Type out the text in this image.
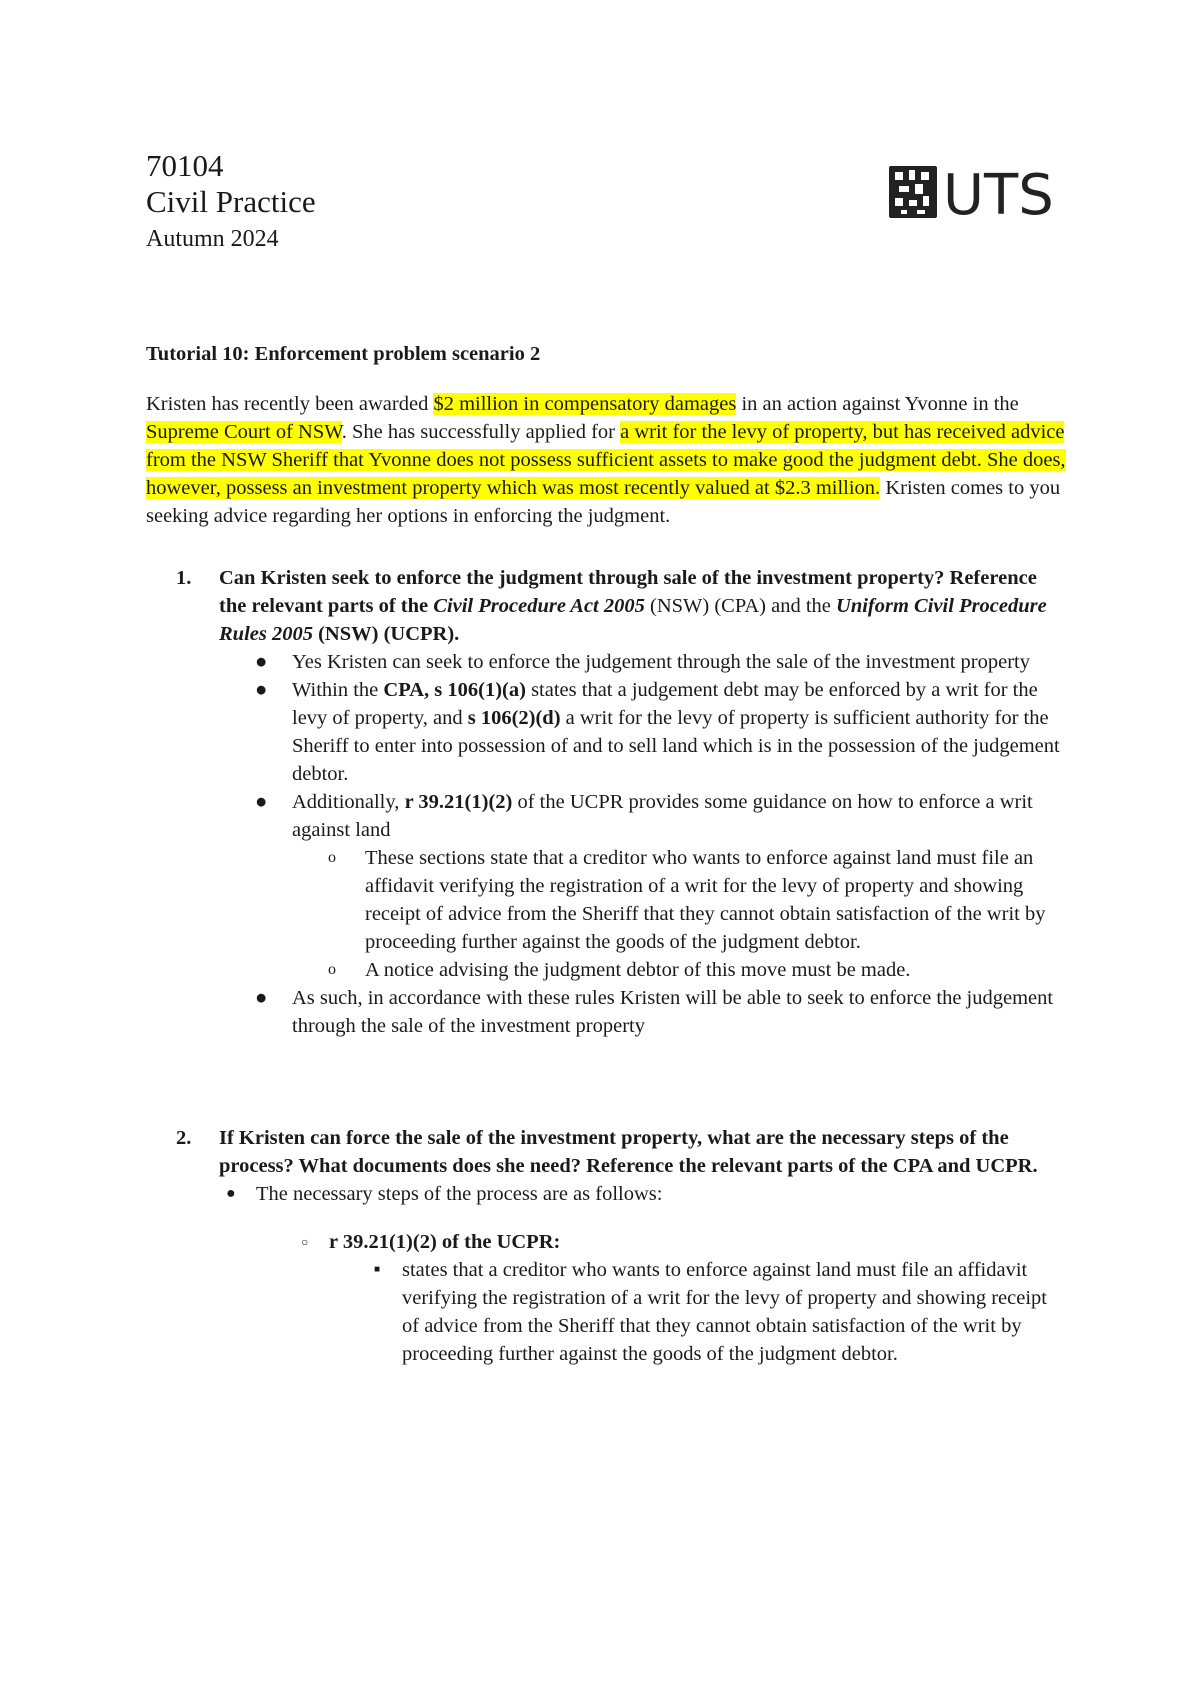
70104
Civil Practice
Autumn 2024
UTS

Tutorial 10: Enforcement problem scenario 2

Kristen has recently been awarded $2 million in compensatory damages in an action against Yvonne in the Supreme Court of NSW. She has successfully applied for a writ for the levy of property, but has received advice from the NSW Sheriff that Yvonne does not possess sufficient assets to make good the judgment debt. She does, however, possess an investment property which was most recently valued at $2.3 million. Kristen comes to you seeking advice regarding her options in enforcing the judgment.

1. Can Kristen seek to enforce the judgment through sale of the investment property? Reference the relevant parts of the Civil Procedure Act 2005 (NSW) (CPA) and the Uniform Civil Procedure Rules 2005 (NSW) (UCPR).
● Yes Kristen can seek to enforce the judgement through the sale of the investment property
● Within the CPA, s 106(1)(a) states that a judgement debt may be enforced by a writ for the levy of property, and s 106(2)(d) a writ for the levy of property is sufficient authority for the Sheriff to enter into possession of and to sell land which is in the possession of the judgement debtor.
● Additionally, r 39.21(1)(2) of the UCPR provides some guidance on how to enforce a writ against land
o These sections state that a creditor who wants to enforce against land must file an affidavit verifying the registration of a writ for the levy of property and showing receipt of advice from the Sheriff that they cannot obtain satisfaction of the writ by proceeding further against the goods of the judgment debtor.
o A notice advising the judgment debtor of this move must be made.
● As such, in accordance with these rules Kristen will be able to seek to enforce the judgement through the sale of the investment property
2. If Kristen can force the sale of the investment property, what are the necessary steps of the process? What documents does she need? Reference the relevant parts of the CPA and UCPR.
● The necessary steps of the process are as follows:
○ r 39.21(1)(2) of the UCPR:
■ states that a creditor who wants to enforce against land must file an affidavit verifying the registration of a writ for the levy of property and showing receipt of advice from the Sheriff that they cannot obtain satisfaction of the writ by proceeding further against the goods of the judgment debtor.
